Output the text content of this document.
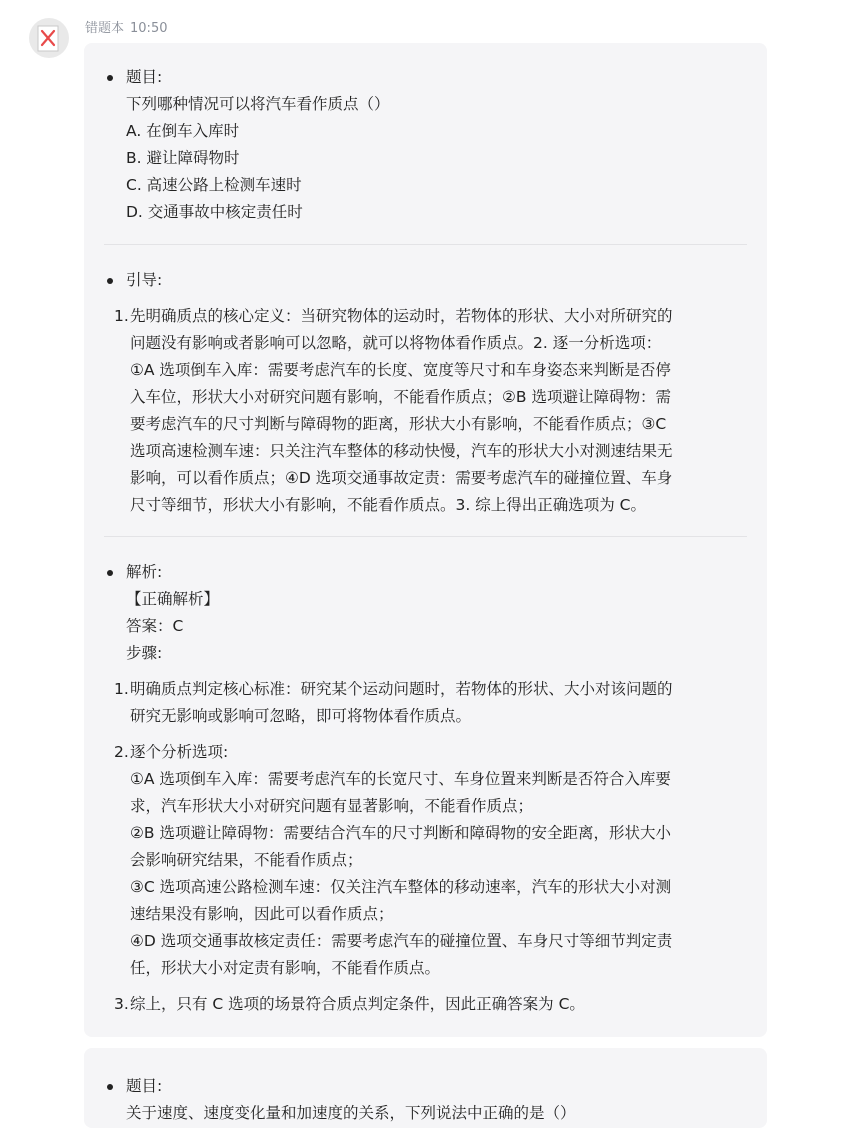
错题本 10:50
题目:
下列哪种情况可以将汽车看作质点（）
A. 在倒车入库时
B. 避让障碍物时
C. 高速公路上检测车速时
D. 交通事故中核定责任时
引导:
1. 先明确质点的核心定义：当研究物体的运动时，若物体的形状、大小对所研究的
问题没有影响或者影响可以忽略，就可以将物体看作质点。2. 逐一分析选项：
①A 选项倒车入库：需要考虑汽车的长度、宽度等尺寸和车身姿态来判断是否停
入车位，形状大小对研究问题有影响，不能看作质点；②B 选项避让障碍物：需
要考虑汽车的尺寸判断与障碍物的距离，形状大小有影响，不能看作质点；③C
选项高速检测车速：只关注汽车整体的移动快慢，汽车的形状大小对测速结果无
影响，可以看作质点；④D 选项交通事故定责：需要考虑汽车的碰撞位置、车身
尺寸等细节，形状大小有影响，不能看作质点。3. 综上得出正确选项为 C。
解析:
【正确解析】
答案：C
步骤:
1. 明确质点判定核心标准：研究某个运动问题时，若物体的形状、大小对该问题的
研究无影响或影响可忽略，即可将物体看作质点。
2. 逐个分析选项:
①A 选项倒车入库：需要考虑汽车的长宽尺寸、车身位置来判断是否符合入库要
求，汽车形状大小对研究问题有显著影响，不能看作质点；
②B 选项避让障碍物：需要结合汽车的尺寸判断和障碍物的安全距离，形状大小
会影响研究结果，不能看作质点；
③C 选项高速公路检测车速：仅关注汽车整体的移动速率，汽车的形状大小对测
速结果没有影响，因此可以看作质点；
④D 选项交通事故核定责任：需要考虑汽车的碰撞位置、车身尺寸等细节判定责
任，形状大小对定责有影响，不能看作质点。
3. 综上，只有 C 选项的场景符合质点判定条件，因此正确答案为 C。
题目:
关于速度、速度变化量和加速度的关系，下列说法中正确的是（）
